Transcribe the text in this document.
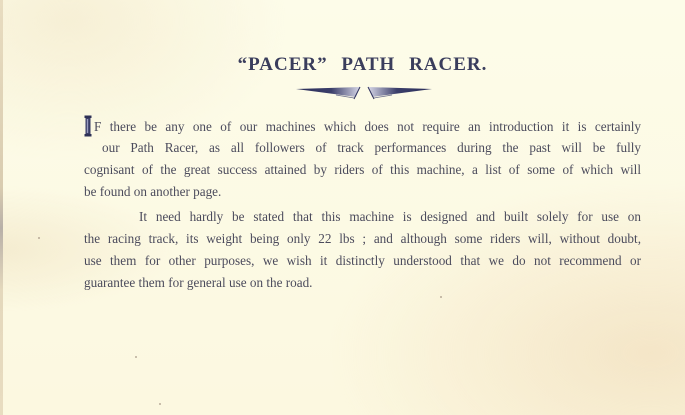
“PACER” PATH RACER.
F there be any one of our machines which does not require an introduction it is certainly
our Path Racer, as all followers of track performances during the past will be fully
cognisant of the great success attained by riders of this machine, a list of some of which will
be found on another page.
It need hardly be stated that this machine is designed and built solely for use on
the racing track, its weight being only 22 lbs ; and although some riders will, without doubt,
use them for other purposes, we wish it distinctly understood that we do not recommend or
guarantee them for general use on the road.
